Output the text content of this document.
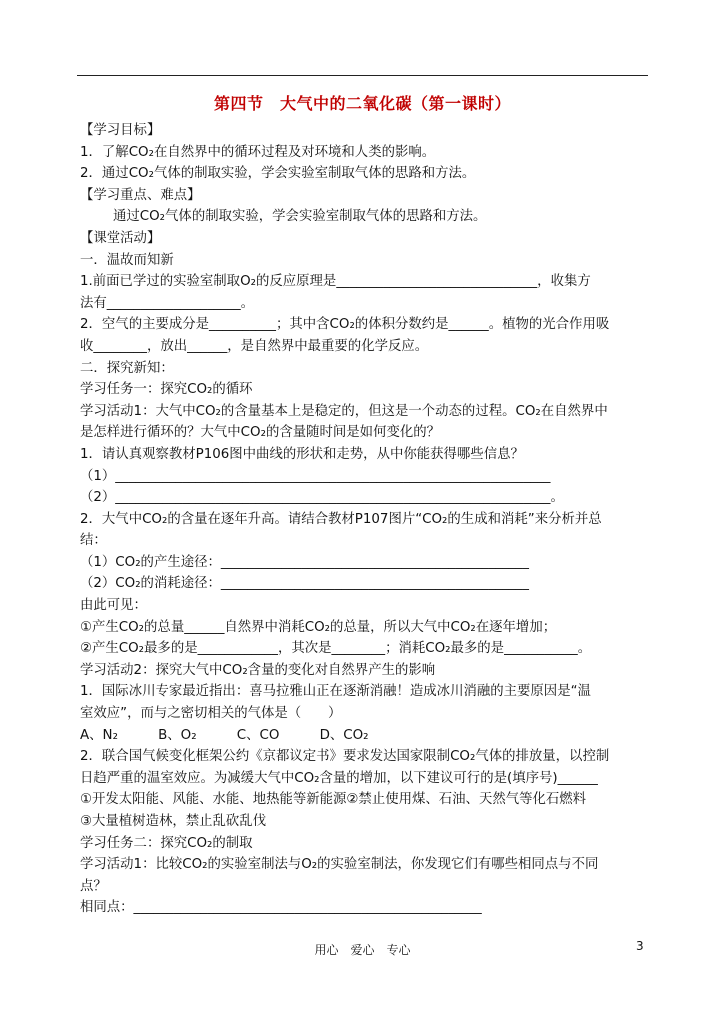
第四节　大气中的二氧化碳（第一课时）
【学习目标】
1．了解CO₂在自然界中的循环过程及对环境和人类的影响。
2．通过CO₂气体的制取实验，学会实验室制取气体的思路和方法。
【学习重点、难点】
通过CO₂气体的制取实验，学会实验室制取气体的思路和方法。
【课堂活动】
一．温故而知新
1.前面已学过的实验室制取O₂的反应原理是______________________________，收集方
法有____________________。
2．空气的主要成分是__________；其中含CO₂的体积分数约是______。植物的光合作用吸
收________，放出______，是自然界中最重要的化学反应。
二．探究新知：
学习任务一：探究CO₂的循环
学习活动1：大气中CO₂的含量基本上是稳定的，但这是一个动态的过程。CO₂在自然界中
是怎样进行循环的？大气中CO₂的含量随时间是如何变化的？
1．请认真观察教材P106图中曲线的形状和走势，从中你能获得哪些信息？
（1）_________________________________________________________________
（2）_________________________________________________________________。
2．大气中CO₂的含量在逐年升高。请结合教材P107图片“CO₂的生成和消耗”来分析并总
结：
（1）CO₂的产生途径：______________________________________________
（2）CO₂的消耗途径：______________________________________________
由此可见：
①产生CO₂的总量______自然界中消耗CO₂的总量，所以大气中CO₂在逐年增加；
②产生CO₂最多的是____________，其次是________；消耗CO₂最多的是___________。
学习活动2：探究大气中CO₂含量的变化对自然界产生的影响
1．国际冰川专家最近指出：喜马拉雅山正在逐渐消融！造成冰川消融的主要原因是“温
室效应”，而与之密切相关的气体是（　　）
A、N₂　　　B、O₂　　　C、CO　　　D、CO₂
2．联合国气候变化框架公约《京都议定书》要求发达国家限制CO₂气体的排放量，以控制
日趋严重的温室效应。为减缓大气中CO₂含量的增加，以下建议可行的是(填序号)______
①开发太阳能、风能、水能、地热能等新能源②禁止使用煤、石油、天然气等化石燃料
③大量植树造林，禁止乱砍乱伐
学习任务二：探究CO₂的制取
学习活动1：比较CO₂的实验室制法与O₂的实验室制法，你发现它们有哪些相同点与不同
点？
相同点：____________________________________________________
用心　爱心　专心	3
